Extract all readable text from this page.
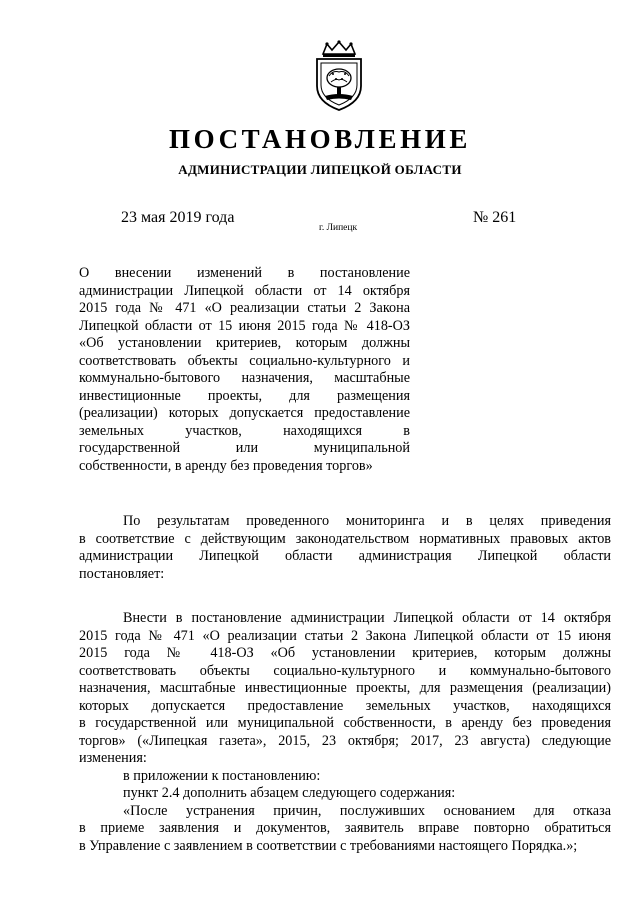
ПОСТАНОВЛЕНИЕ
АДМИНИСТРАЦИИ ЛИПЕЦКОЙ ОБЛАСТИ
23 мая 2019 года
г. Липецк
№ 261
О внесении изменений в постановление
администрации Липецкой области от 14 октября
2015 года № 471 «О реализации статьи 2 Закона
Липецкой области от 15 июня 2015 года № 418-ОЗ
«Об установлении критериев, которым должны
соответствовать объекты социально-культурного и
коммунально-бытового назначения, масштабные
инвестиционные проекты, для размещения
(реализации) которых допускается предоставление
земельных участков, находящихся в
государственной или муниципальной
собственности, в аренду без проведения торгов»
По результатам проведенного мониторинга и в целях приведения
в соответствие с действующим законодательством нормативных правовых актов
администрации Липецкой области администрация Липецкой области
постановляет:
Внести в постановление администрации Липецкой области от 14 октября
2015 года № 471 «О реализации статьи 2 Закона Липецкой области от 15 июня
2015 года № 418-ОЗ «Об установлении критериев, которым должны
соответствовать объекты социально-культурного и коммунально-бытового
назначения, масштабные инвестиционные проекты, для размещения (реализации)
которых допускается предоставление земельных участков, находящихся
в государственной или муниципальной собственности, в аренду без проведения
торгов» («Липецкая газета», 2015, 23 октября; 2017, 23 августа) следующие
изменения:
в приложении к постановлению:
пункт 2.4 дополнить абзацем следующего содержания:
«После устранения причин, послуживших основанием для отказа
в приеме заявления и документов, заявитель вправе повторно обратиться
в Управление с заявлением в соответствии с требованиями настоящего Порядка.»;
